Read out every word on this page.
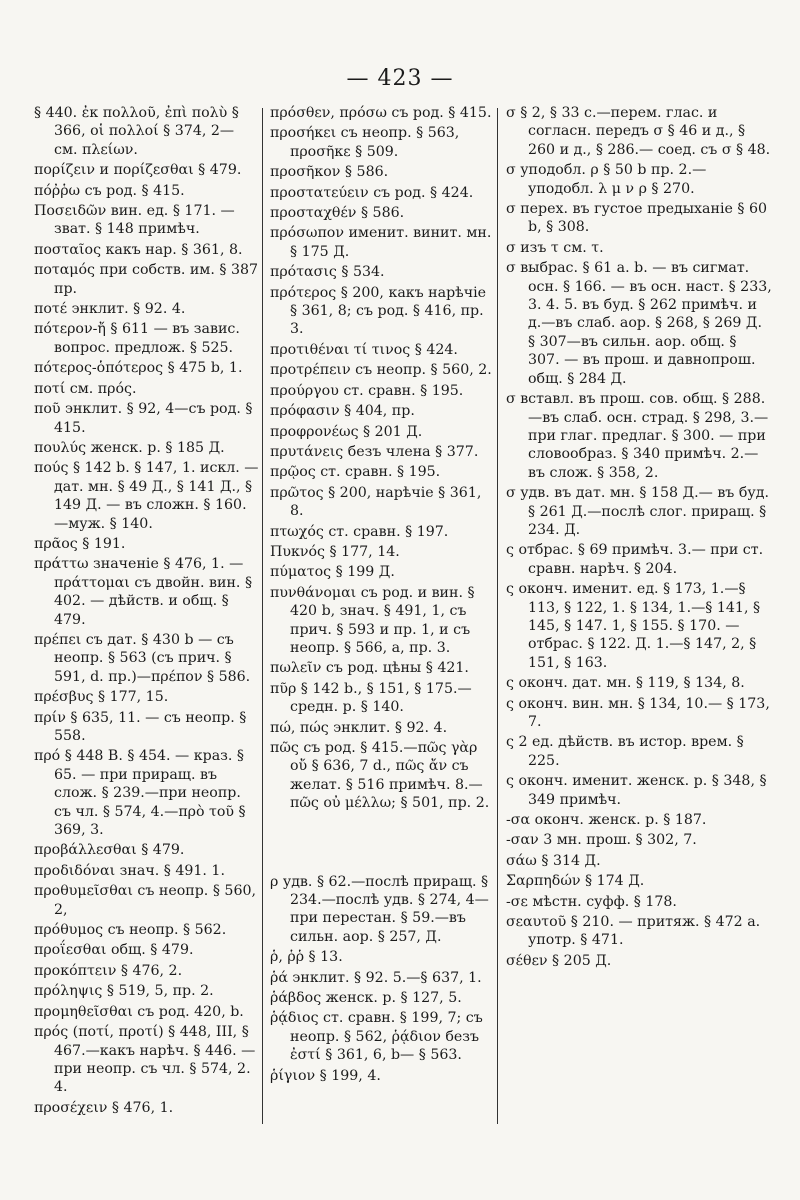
— 423 —
§ 440. ἐκ πολλοῦ, ἐπὶ πολὺ § 366, οἱ πολλοί § 374, 2— см. πλείων.
πορίζειν и πορίζεσθαι § 479.
πόῤῥω съ род. § 415.
Ποσειδῶν вин. ед. § 171. — зват. § 148 примѣч.
ποσταῖος какъ нар. § 361, 8.
ποταμός при собств. им. § 387 пр.
ποτέ энклит. § 92. 4.
πότερον-ἤ § 611 — въ завис. вопрос. предлож. § 525.
πότερος-ὁπότερος § 475 b, 1.
ποτί см. πρός.
ποῦ энклит. § 92, 4—съ род. § 415.
πουλύς женск. р. § 185 Д.
πούς § 142 b. § 147, 1. искл. —дат. мн. § 49 Д., § 141 Д., § 149 Д. — въ сложн. § 160.—муж. § 140.
πρᾶος § 191.
πράττω значеніе § 476, 1. — πράττομαι съ двойн. вин. § 402. — дѣйств. и общ. § 479.
πρέπει съ дат. § 430 b — съ неопр. § 563 (съ прич. § 591, d. пр.)—πρέπον § 586.
πρέσβυς § 177, 15.
πρίν § 635, 11. — съ неопр. § 558.
πρό § 448 В. § 454. — краз. § 65. — при приращ. въ слож. § 239.—при неопр. съ чл. § 574, 4.—πρὸ τοῦ § 369, 3.
προβάλλεσθαι § 479.
προδιδόναι знач. § 491. 1.
προθυμεῖσθαι съ неопр. § 560, 2,
πρόθυμος съ неопр. § 562.
προΐεσθαι общ. § 479.
προκόπτειν § 476, 2.
πρόληψις § 519, 5, пр. 2.
προμηθεῖσθαι съ род. 420, b.
πρός (ποτί, προτί) § 448, III, § 467.—какъ нарѣч. § 446. —при неопр. съ чл. § 574, 2. 4.
προσέχειν § 476, 1.
πρόσθεν, πρόσω съ род. § 415.
προσήκει съ неопр. § 563, προσῆκε § 509.
προσῆκον § 586.
προστατεύειν съ род. § 424.
προσταχθέν § 586.
πρόσωπον именит. винит. мн. § 175 Д.
πρότασις § 534.
πρότερος § 200, какъ нарѣчіе § 361, 8; съ род. § 416, пр. 3.
προτιθέναι τί τινος § 424.
προτρέπειν съ неопр. § 560, 2.
προύργου ст. сравн. § 195.
πρόφασιν § 404, пр.
προφρονέως § 201 Д.
πρυτάνεις безъ члена § 377.
πρῷος ст. сравн. § 195.
πρῶτος § 200, нарѣчіе § 361, 8.
πτωχός ст. сравн. § 197.
Πυκνός § 177, 14.
πύματος § 199 Д.
πυνθάνομαι съ род. и вин. § 420 b, знач. § 491, 1, съ прич. § 593 и пр. 1, и съ неопр. § 566, а, пр. 3.
πωλεῖν съ род. цѣны § 421.
πῦρ § 142 b., § 151, § 175.— средн. р. § 140.
πώ, πώς энклит. § 92. 4.
πῶς съ род. § 415.—πῶς γὰρ οὔ § 636, 7 d., πῶς ἄν съ желат. § 516 примѣч. 8.— πῶς οὐ μέλλω; § 501, пр. 2.
ρ удв. § 62.—послѣ приращ. § 234.—послѣ удв. § 274, 4—при перестан. § 59.—въ сильн. аор. § 257, Д.
ῥ, ῥῥ § 13.
ῥά энклит. § 92. 5.—§ 637, 1.
ῥάβδος женск. р. § 127, 5.
ῥᾴδιος ст. сравн. § 199, 7; съ неопр. § 562, ῥᾴδιον безъ ἐστί § 361, 6, b— § 563.
ῥίγιον § 199, 4.
σ § 2, § 33 с.—перем. глас. и согласн. передъ σ § 46 и д., § 260 и д., § 286.— соед. съ σ § 48.
σ уподобл. ρ § 50 b пр. 2.— уподобл. λ μ ν ρ § 270.
σ перех. въ густое предыханіе § 60 b, § 308.
σ изъ τ см. τ.
σ выбрас. § 61 а. b. — въ сигмат. осн. § 166. — въ осн. наст. § 233, 3. 4. 5. въ буд. § 262 примѣч. и д.—въ слаб. аор. § 268, § 269 Д. § 307—въ сильн. аор. общ. § 307. — въ прош. и давнопрош. общ. § 284 Д.
σ вставл. въ прош. сов. общ. § 288.—въ слаб. осн. страд. § 298, 3.—при глаг. предлаг. § 300. — при словообраз. § 340 примѣч. 2.—въ слож. § 358, 2.
σ удв. въ дат. мн. § 158 Д.— въ буд. § 261 Д.—послѣ слог. приращ. § 234. Д.
ς отбрас. § 69 примѣч. 3.— при ст. сравн. нарѣч. § 204.
ς оконч. именит. ед. § 173, 1.—§ 113, § 122, 1. § 134, 1.—§ 141, § 145, § 147. 1, § 155. § 170. — отбрас. § 122. Д. 1.—§ 147, 2, § 151, § 163.
ς оконч. дат. мн. § 119, § 134, 8.
ς оконч. вин. мн. § 134, 10.— § 173, 7.
ς 2 ед. дѣйств. въ истор. врем. § 225.
ς оконч. именит. женск. р. § 348, § 349 примѣч.
-σα оконч. женск. р. § 187.
-σαν 3 мн. прош. § 302, 7.
σάω § 314 Д.
Σαρπηδών § 174 Д.
-σε мѣстн. суфф. § 178.
σεαυτοῦ § 210. — притяж. § 472 а. употр. § 471.
σέθεν § 205 Д.
